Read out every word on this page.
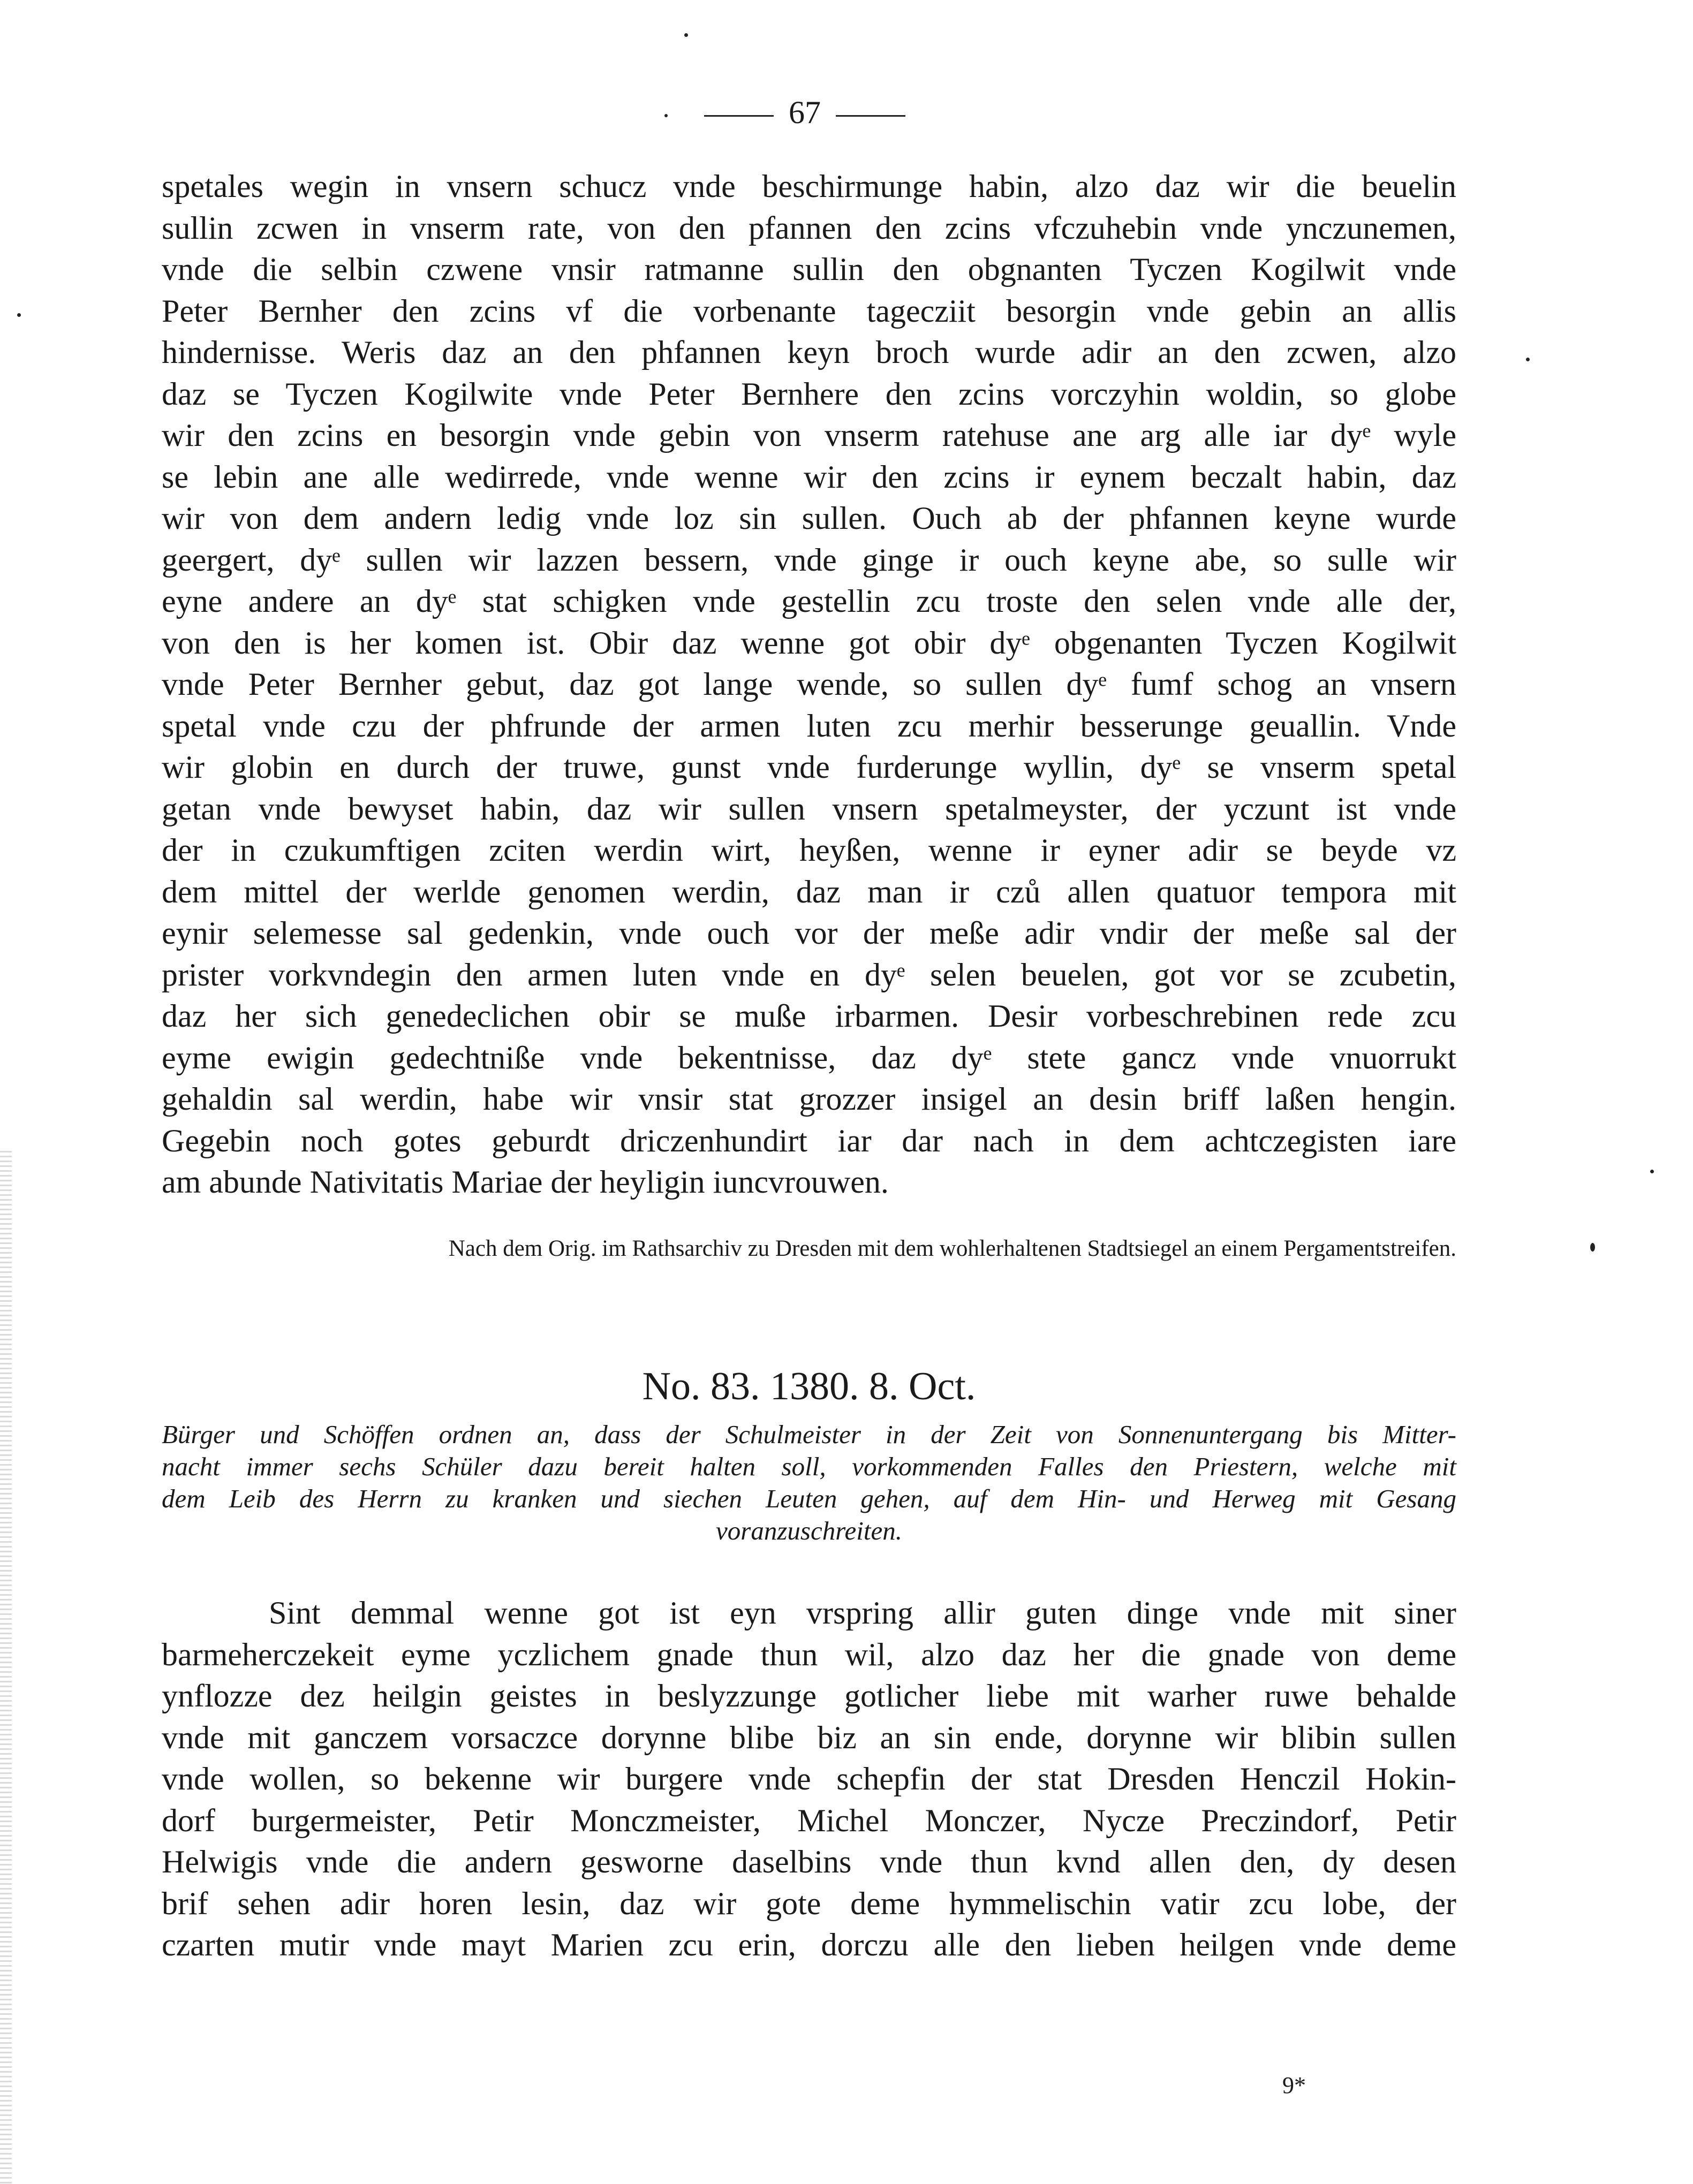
67
spetales wegin in vnsern schucz vnde beschirmunge habin, alzo daz wir die beuelin
sullin zcwen in vnserm rate, von den pfannen den zcins vfczuhebin vnde ynczunemen,
vnde die selbin czwene vnsir ratmanne sullin den obgnanten Tyczen Kogilwit vnde
Peter Bernher den zcins vf die vorbenante tagecziit besorgin vnde gebin an allis
hindernisse. Weris daz an den phfannen keyn broch wurde adir an den zcwen, alzo
daz se Tyczen Kogilwite vnde Peter Bernhere den zcins vorczyhin woldin, so globe
wir den zcins en besorgin vnde gebin von vnserm ratehuse ane arg alle iar dyᵉ wyle
se lebin ane alle wedirrede, vnde wenne wir den zcins ir eynem beczalt habin, daz
wir von dem andern ledig vnde loz sin sullen. Ouch ab der phfannen keyne wurde
geergert, dyᵉ sullen wir lazzen bessern, vnde ginge ir ouch keyne abe, so sulle wir
eyne andere an dyᵉ stat schigken vnde gestellin zcu troste den selen vnde alle der,
von den is her komen ist. Obir daz wenne got obir dyᵉ obgenanten Tyczen Kogilwit
vnde Peter Bernher gebut, daz got lange wende, so sullen dyᵉ fumf schog an vnsern
spetal vnde czu der phfrunde der armen luten zcu merhir besserunge geuallin. Vnde
wir globin en durch der truwe, gunst vnde furderunge wyllin, dyᵉ se vnserm spetal
getan vnde bewyset habin, daz wir sullen vnsern spetalmeyster, der yczunt ist vnde
der in czukumftigen zciten werdin wirt, heyßen, wenne ir eyner adir se beyde vz
dem mittel der werlde genomen werdin, daz man ir czů allen quatuor tempora mit
eynir selemesse sal gedenkin, vnde ouch vor der meße adir vndir der meße sal der
prister vorkvndegin den armen luten vnde en dyᵉ selen beuelen, got vor se zcubetin,
daz her sich genedeclichen obir se muße irbarmen. Desir vorbeschrebinen rede zcu
eyme ewigin gedechtniße vnde bekentnisse, daz dyᵉ stete gancz vnde vnuorrukt
gehaldin sal werdin, habe wir vnsir stat grozzer insigel an desin briff laßen hengin.
Gegebin noch gotes geburdt driczenhundirt iar dar nach in dem achtczegisten iare
am abunde Nativitatis Mariae der heyligin iuncvrouwen.
Nach dem Orig. im Rathsarchiv zu Dresden mit dem wohlerhaltenen Stadtsiegel an einem Pergamentstreifen.
No. 83. 1380. 8. Oct.
Bürger und Schöffen ordnen an, dass der Schulmeister in der Zeit von Sonnenuntergang bis Mitter-
nacht immer sechs Schüler dazu bereit halten soll, vorkommenden Falles den Priestern, welche mit
dem Leib des Herrn zu kranken und siechen Leuten gehen, auf dem Hin- und Herweg mit Gesang
voranzuschreiten.
Sint demmal wenne got ist eyn vrspring allir guten dinge vnde mit siner
barmeherczekeit eyme yczlichem gnade thun wil, alzo daz her die gnade von deme
ynflozze dez heilgin geistes in beslyzzunge gotlicher liebe mit warher ruwe behalde
vnde mit ganczem vorsaczce dorynne blibe biz an sin ende, dorynne wir blibin sullen
vnde wollen, so bekenne wir burgere vnde schepfin der stat Dresden Henczil Hokin-
dorf burgermeister, Petir Monczmeister, Michel Monczer, Nycze Preczindorf, Petir
Helwigis vnde die andern gesworne daselbins vnde thun kvnd allen den, dy desen
brif sehen adir horen lesin, daz wir gote deme hymmelischin vatir zcu lobe, der
czarten mutir vnde mayt Marien zcu erin, dorczu alle den lieben heilgen vnde deme
9*
